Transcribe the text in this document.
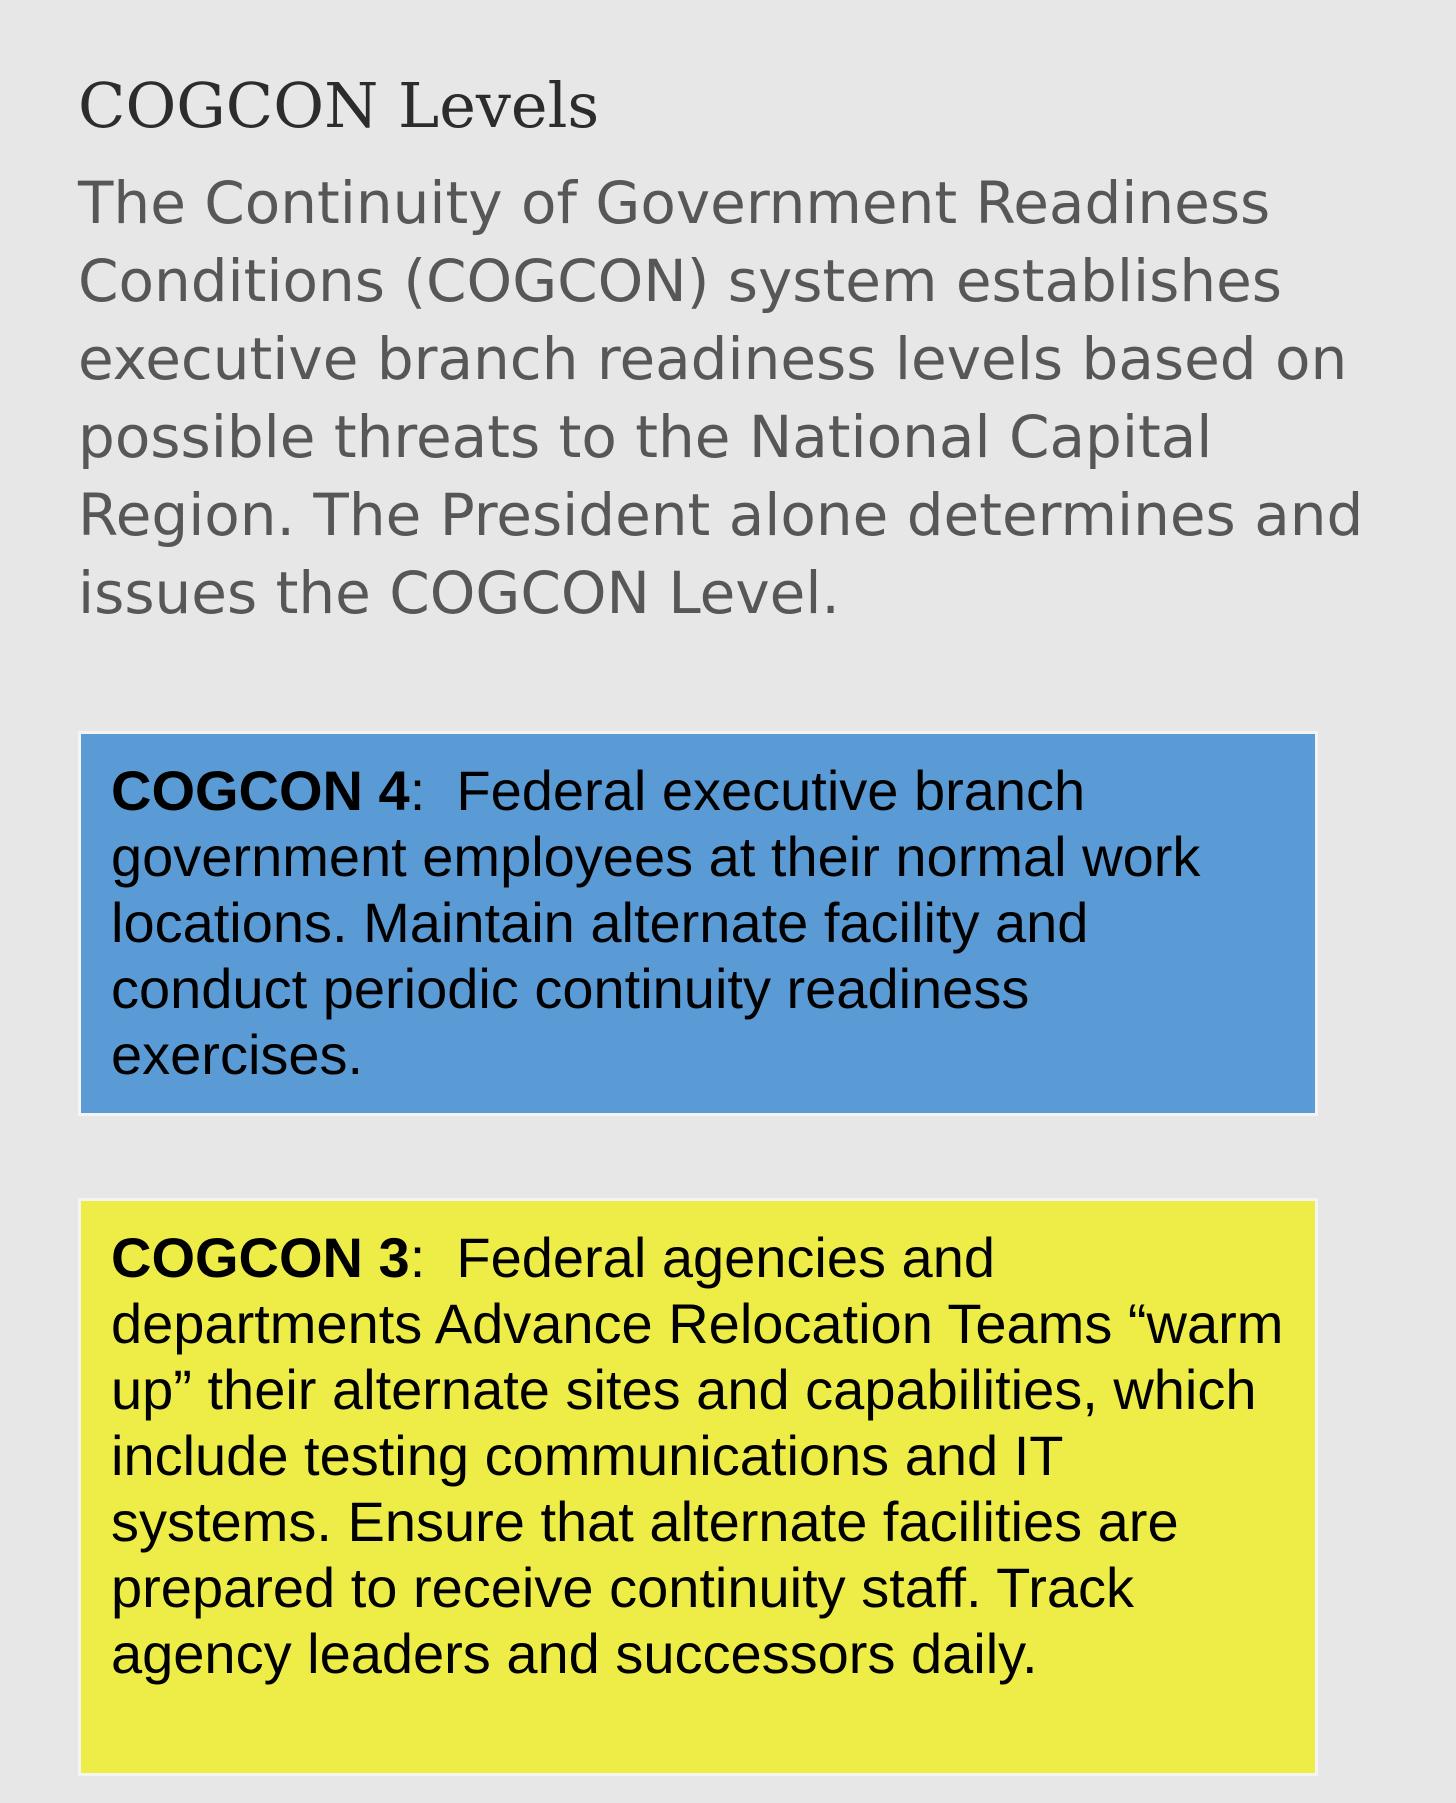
COGCON Levels

The Continuity of Government Readiness Conditions (COGCON) system establishes executive branch readiness levels based on possible threats to the National Capital Region. The President alone determines and issues the COGCON Level.

COGCON 4: Federal executive branch government employees at their normal work locations. Maintain alternate facility and conduct periodic continuity readiness exercises.
COGCON 3: Federal agencies and departments Advance Relocation Teams “warm up” their alternate sites and capabilities, which include testing communications and IT systems. Ensure that alternate facilities are prepared to receive continuity staff. Track agency leaders and successors daily.
